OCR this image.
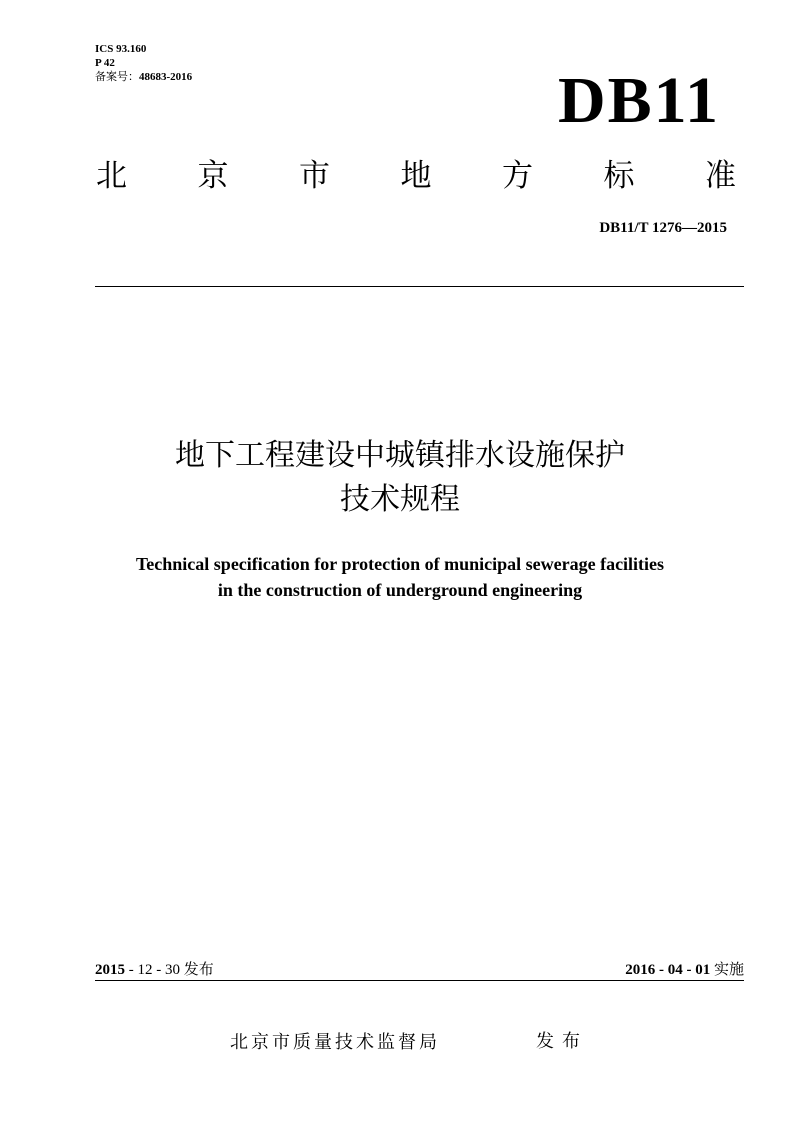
ICS 93.160
P 42
备案号：48683-2016	DB11
北 京 市 地 方 标 准
DB11/T 1276—2015
地下工程建设中城镇排水设施保护
技术规程
Technical specification for protection of municipal sewerage facilities
in the construction of underground engineering
2015 - 12 - 30 发布	2016 - 04 - 01 实施
北京市质量技术监督局	发布
